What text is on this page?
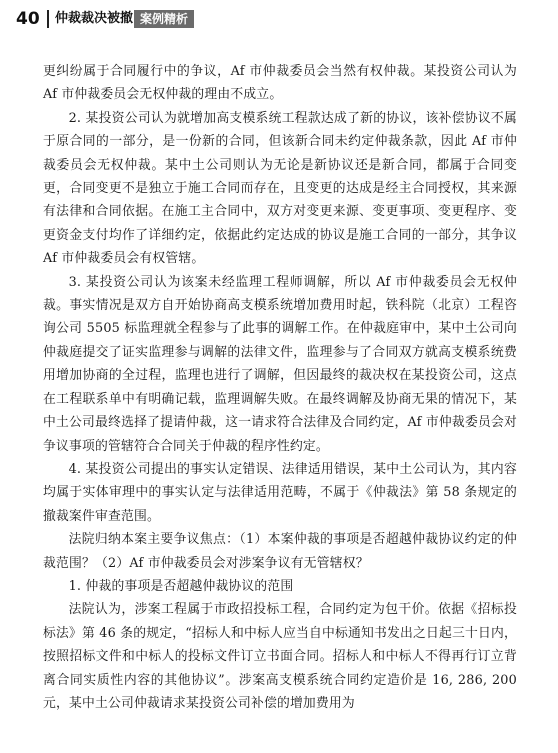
40 仲裁裁决被撤 案例精析

更纠纷属于合同履行中的争议，Af 市仲裁委员会当然有权仲裁。某投资公司认为 Af 市仲裁委员会无权仲裁的理由不成立。

2. 某投资公司认为就增加高支模系统工程款达成了新的协议，该补偿协议不属于原合同的一部分，是一份新的合同，但该新合同未约定仲裁条款，因此 Af 市仲裁委员会无权仲裁。某中土公司则认为无论是新协议还是新合同，都属于合同变更，合同变更不是独立于施工合同而存在，且变更的达成是经主合同授权，其来源有法律和合同依据。在施工主合同中，双方对变更来源、变更事项、变更程序、变更资金支付均作了详细约定，依据此约定达成的协议是施工合同的一部分，其争议 Af 市仲裁委员会有权管辖。

3. 某投资公司认为该案未经监理工程师调解，所以 Af 市仲裁委员会无权仲裁。事实情况是双方自开始协商高支模系统增加费用时起，铁科院（北京）工程咨询公司 5505 标监理就全程参与了此事的调解工作。在仲裁庭审中，某中土公司向仲裁庭提交了证实监理参与调解的法律文件，监理参与了合同双方就高支模系统费用增加协商的全过程，监理也进行了调解，但因最终的裁决权在某投资公司，这点在工程联系单中有明确记载，监理调解失败。在最终调解及协商无果的情况下，某中土公司最终选择了提请仲裁，这一请求符合法律及合同约定，Af 市仲裁委员会对争议事项的管辖符合合同关于仲裁的程序性约定。

4. 某投资公司提出的事实认定错误、法律适用错误，某中土公司认为，其内容均属于实体审理中的事实认定与法律适用范畴，不属于《仲裁法》第 58 条规定的撤裁案件审查范围。

法院归纳本案主要争议焦点：（1）本案仲裁的事项是否超越仲裁协议约定的仲裁范围？（2）Af 市仲裁委员会对涉案争议有无管辖权？

1. 仲裁的事项是否超越仲裁协议的范围

法院认为，涉案工程属于市政招投标工程，合同约定为包干价。依据《招标投标法》第 46 条的规定，“招标人和中标人应当自中标通知书发出之日起三十日内，按照招标文件和中标人的投标文件订立书面合同。招标人和中标人不得再行订立背离合同实质性内容的其他协议”。涉案高支模系统合同约定造价是 16, 286, 200 元，某中土公司仲裁请求某投资公司补偿的增加费用为
